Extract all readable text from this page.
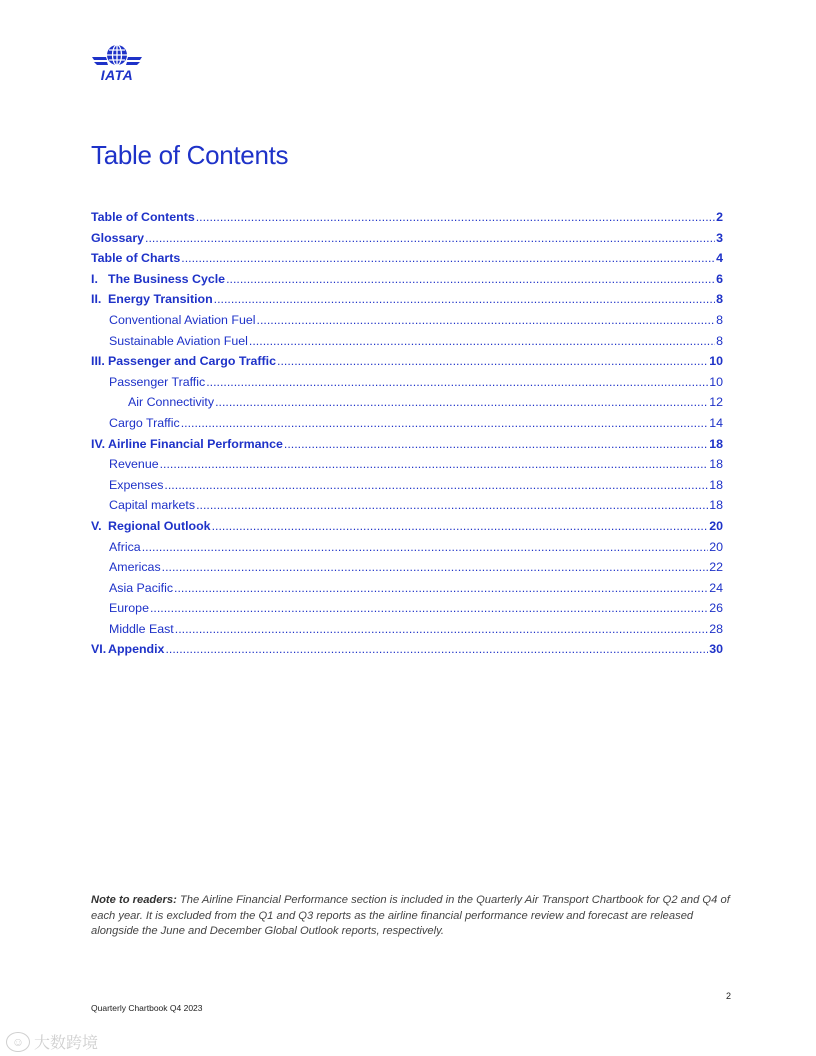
IATA
Table of Contents
Table of Contents .....	2
Glossary .....	3
Table of Charts .....	4
I. The Business Cycle .....	6
II. Energy Transition .....	8
Conventional Aviation Fuel .....	8
Sustainable Aviation Fuel .....	8
III. Passenger and Cargo Traffic .....	10
Passenger Traffic .....	10
Air Connectivity .....	12
Cargo Traffic .....	14
IV. Airline Financial Performance .....	18
Revenue .....	18
Expenses .....	18
Capital markets .....	18
V. Regional Outlook .....	20
Africa .....	20
Americas .....	22
Asia Pacific .....	24
Europe .....	26
Middle East .....	28
VI. Appendix .....	30

Note to readers: The Airline Financial Performance section is included in the Quarterly Air Transport Chartbook for Q2 and Q4 of each year. It is excluded from the Q1 and Q3 reports as the airline financial performance review and forecast are released alongside the June and December Global Outlook reports, respectively.

2
Quarterly Chartbook Q4 2023
☺ 大数跨境
